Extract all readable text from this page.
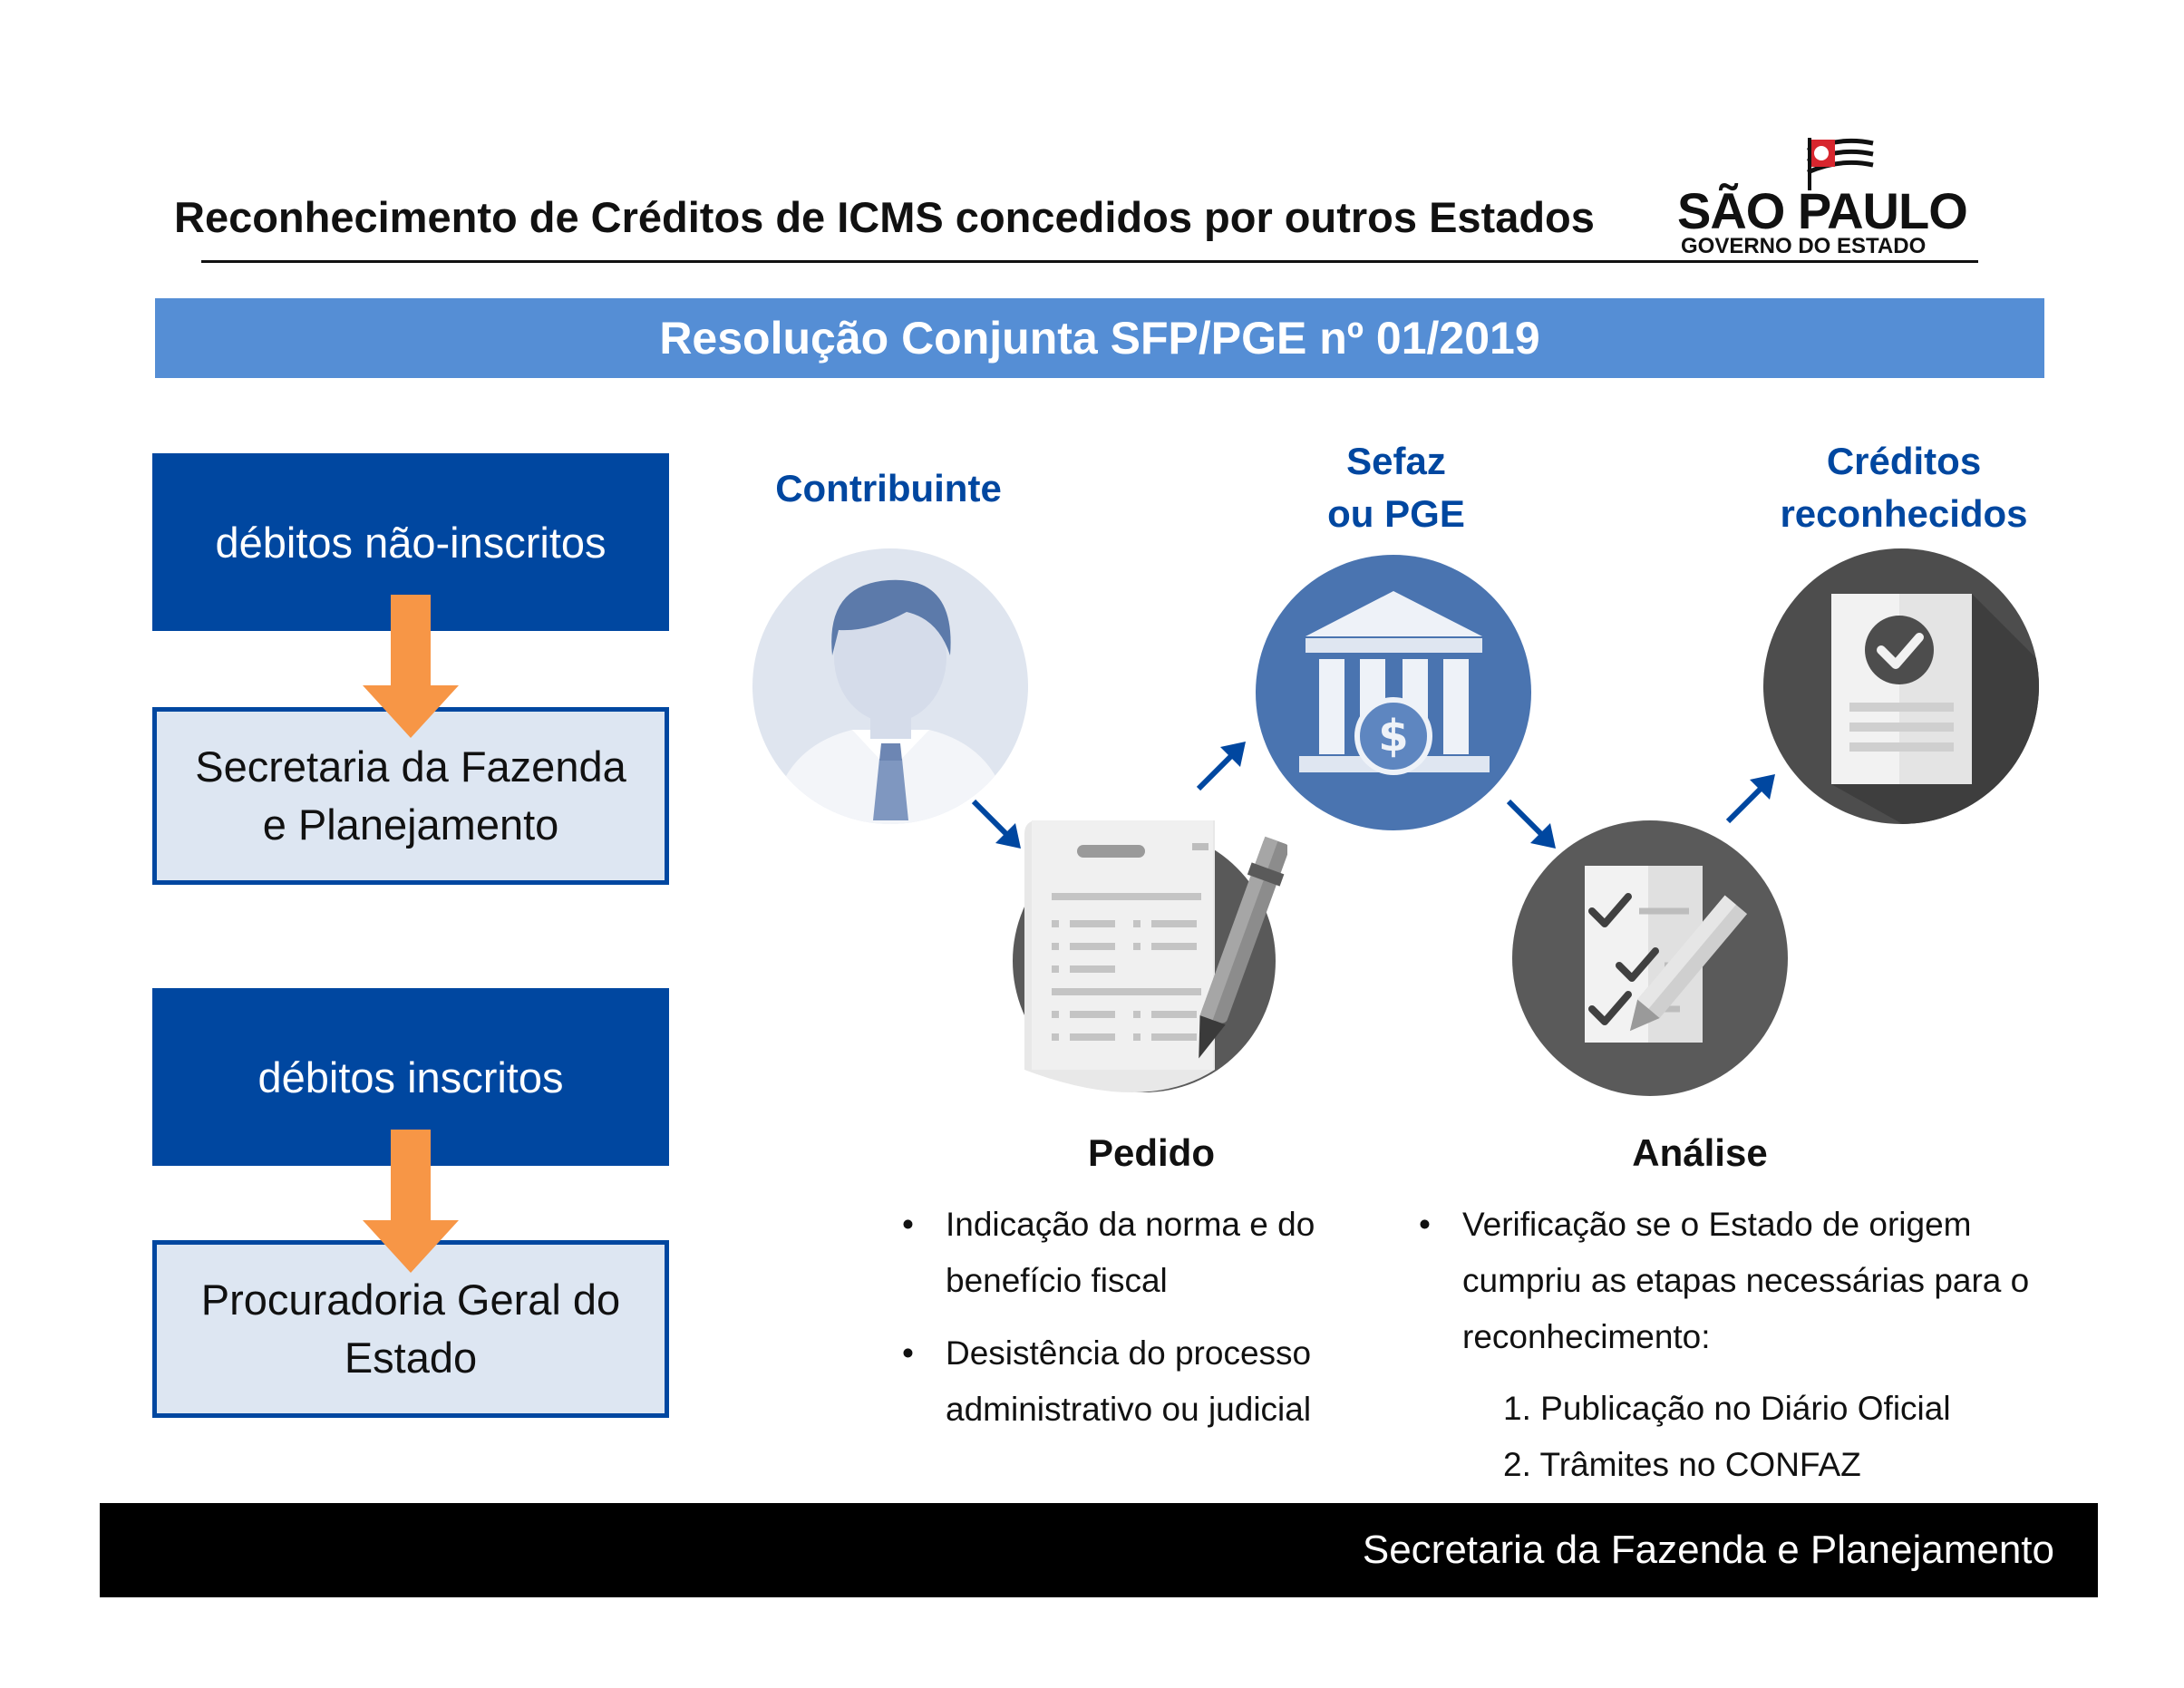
Reconhecimento de Créditos de ICMS concedidos por outros Estados SÃO PAULO
GOVERNO DO ESTADO
Resolução Conjunta SFP/PGE nº 01/2019
débitos não-inscritos
Secretaria da Fazenda e Planejamento
débitos inscritos
Procuradoria Geral do Estado
Contribuinte
Sefaz
ou PGE
Créditos
reconhecidos
$
Pedido
• Indicação da norma e do benefício fiscal
• Desistência do processo administrativo ou judicial
Análise
• Verificação se o Estado de origem cumpriu as etapas necessárias para o reconhecimento:
1. Publicação no Diário Oficial
2. Trâmites no CONFAZ
Secretaria da Fazenda e Planejamento
